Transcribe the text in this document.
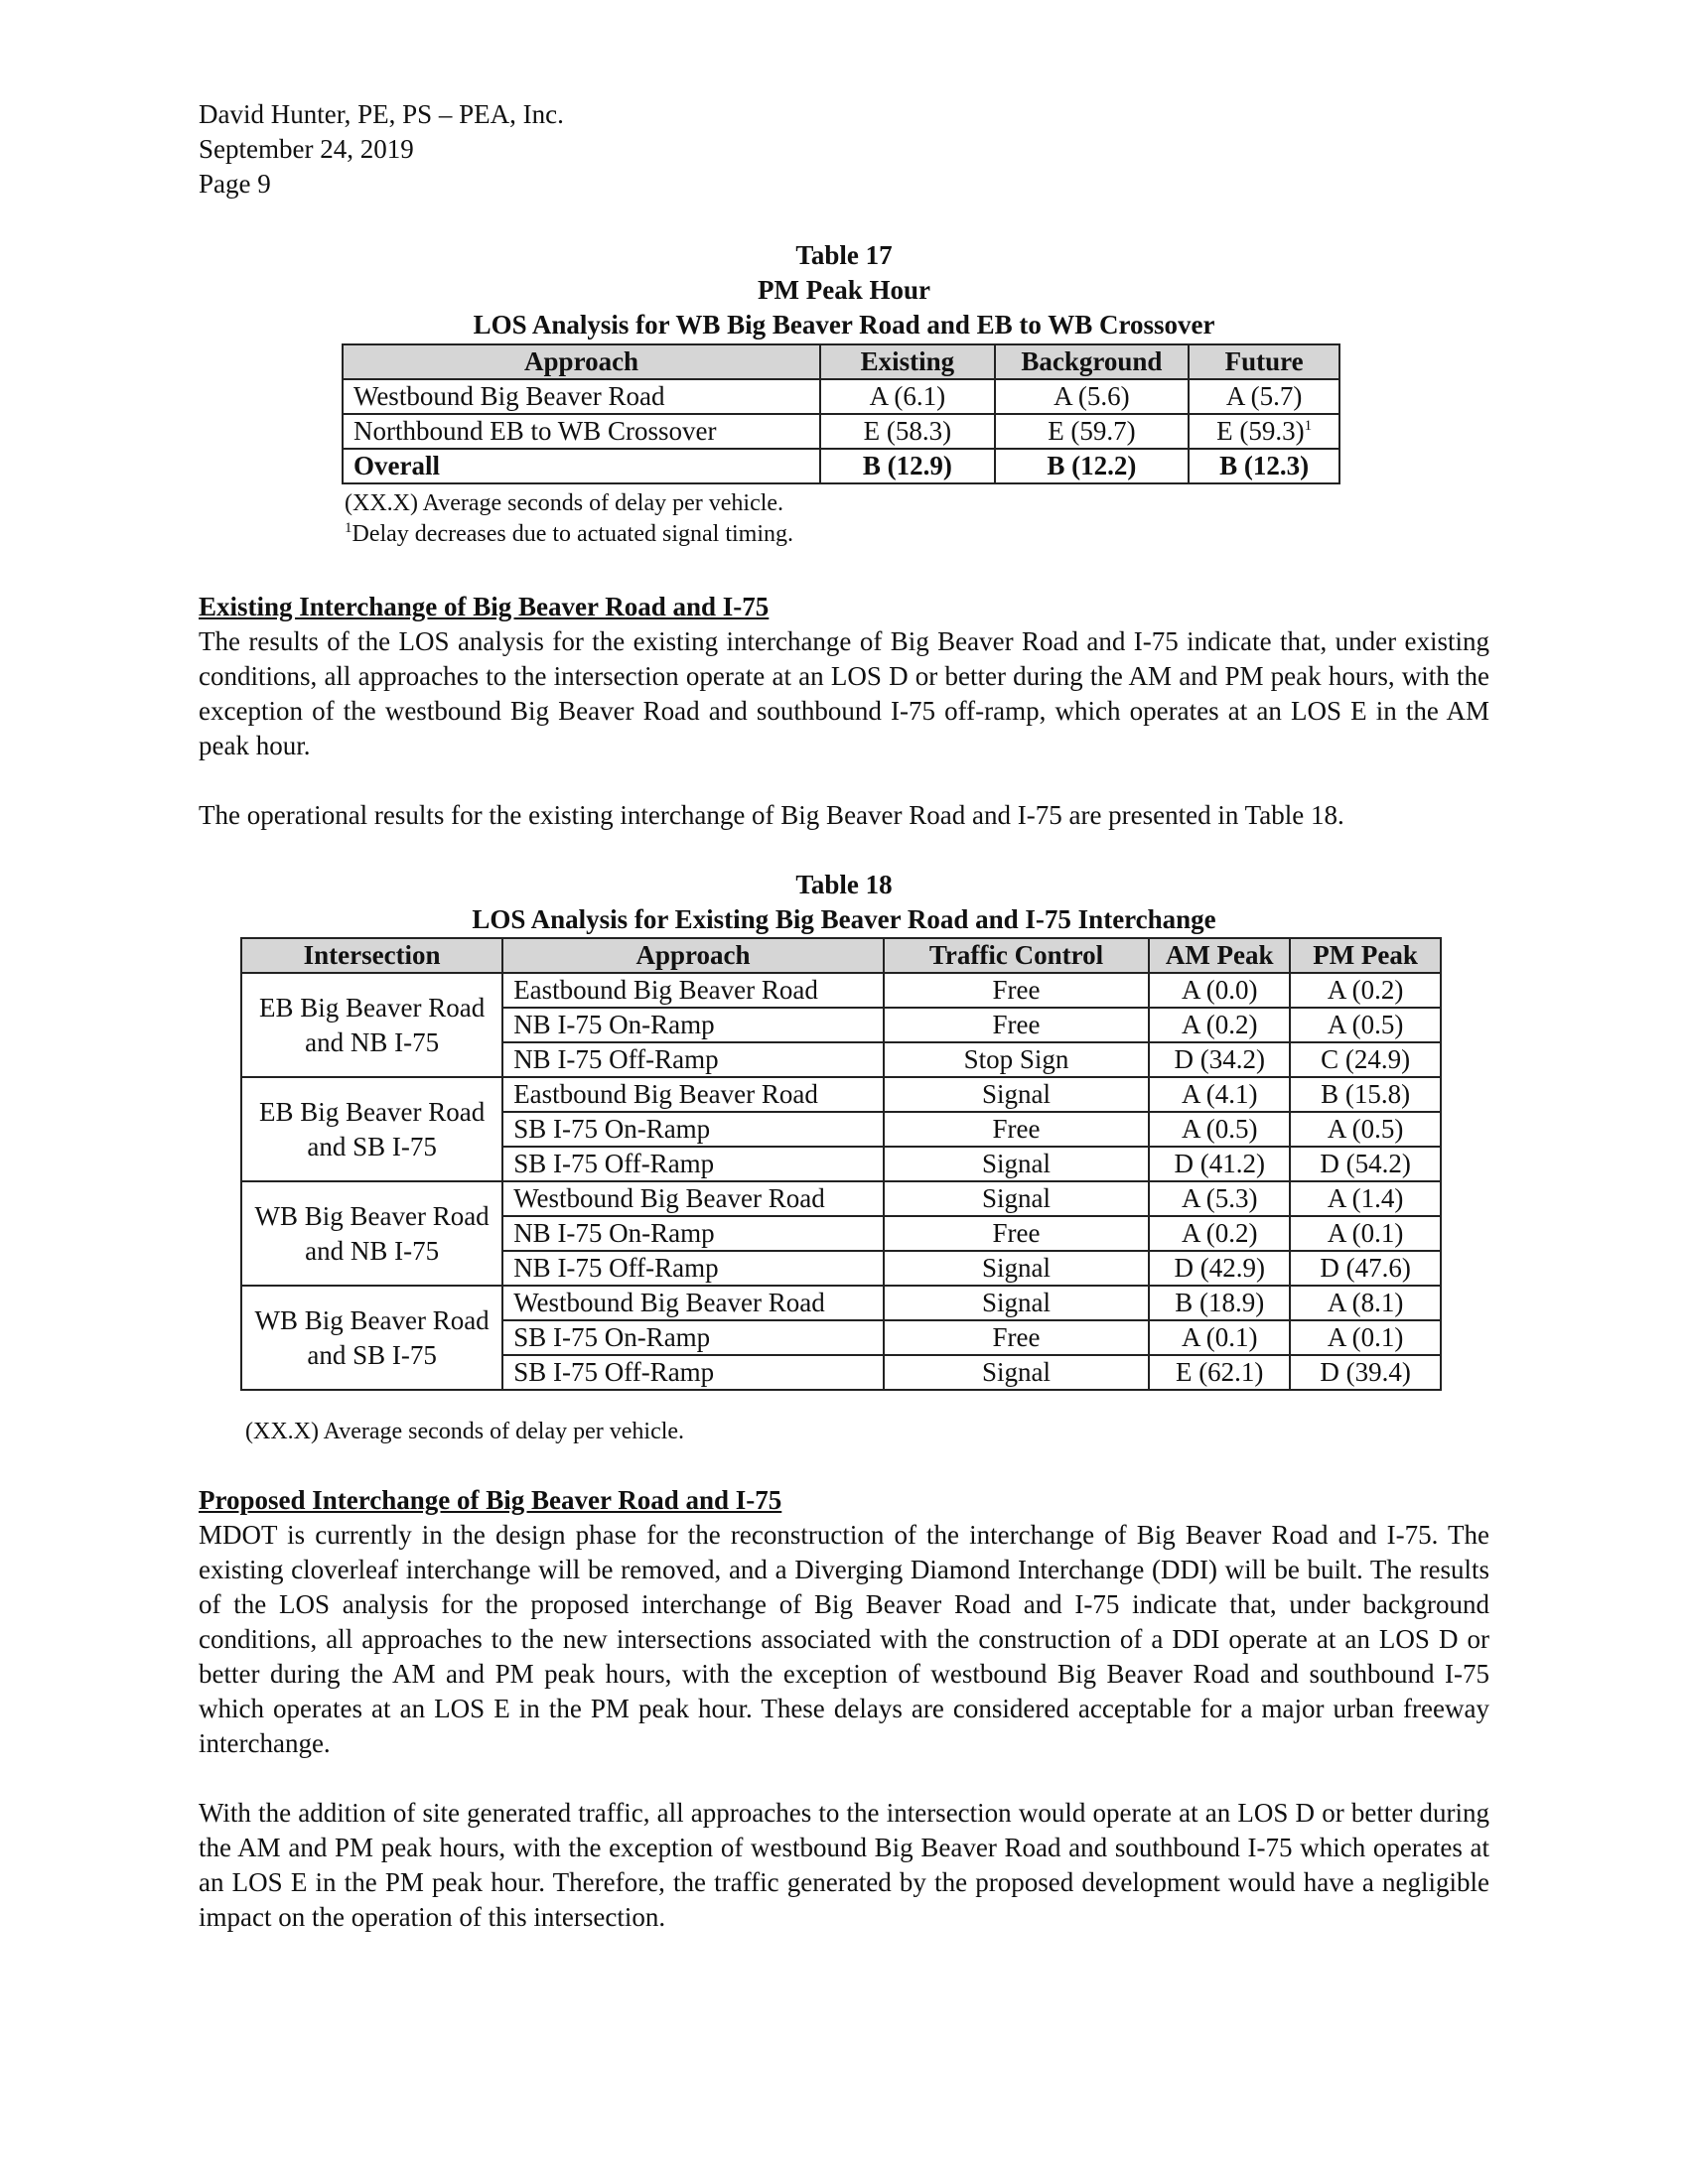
David Hunter, PE, PS – PEA, Inc.
September 24, 2019
Page 9
Table 17
PM Peak Hour
LOS Analysis for WB Big Beaver Road and EB to WB Crossover
Approach	Existing	Background	Future
Westbound Big Beaver Road	A (6.1)	A (5.6)	A (5.7)
Northbound EB to WB Crossover	E (58.3)	E (59.7)	E $(59.3)^1$
Overall	B (12.9)	B (12.2)	B (12.3)
(XX.X) Average seconds of delay per vehicle.
$^1$Delay decreases due to actuated signal timing.
Existing Interchange of Big Beaver Road and I-75
The results of the LOS analysis for the existing interchange of Big Beaver Road and I-75 indicate that, under existing conditions, all approaches to the intersection operate at an LOS D or better during the AM and PM peak hours, with the exception of the westbound Big Beaver Road and southbound I-75 off-ramp, which operates at an LOS E in the AM peak hour.
The operational results for the existing interchange of Big Beaver Road and I-75 are presented in Table 18.
Table 18
LOS Analysis for Existing Big Beaver Road and I-75 Interchange
Intersection	Approach	Traffic Control	AM Peak	PM Peak
EB Big Beaver Road and NB I-75	Eastbound Big Beaver Road	Free	A (0.0)	A (0.2)
	NB I-75 On-Ramp	Free	A (0.2)	A (0.5)
	NB I-75 Off-Ramp	Stop Sign	D (34.2)	C (24.9)
EB Big Beaver Road and SB I-75	Eastbound Big Beaver Road	Signal	A (4.1)	B (15.8)
	SB I-75 On-Ramp	Free	A (0.5)	A (0.5)
	SB I-75 Off-Ramp	Signal	D (41.2)	D (54.2)
WB Big Beaver Road and NB I-75	Westbound Big Beaver Road	Signal	A (5.3)	A (1.4)
	NB I-75 On-Ramp	Free	A (0.2)	A (0.1)
	NB I-75 Off-Ramp	Signal	D (42.9)	D (47.6)
WB Big Beaver Road and SB I-75	Westbound Big Beaver Road	Signal	B (18.9)	A (8.1)
	SB I-75 On-Ramp	Free	A (0.1)	A (0.1)
	SB I-75 Off-Ramp	Signal	E (62.1)	D (39.4)
(XX.X) Average seconds of delay per vehicle.
Proposed Interchange of Big Beaver Road and I-75
MDOT is currently in the design phase for the reconstruction of the interchange of Big Beaver Road and I-75. The existing cloverleaf interchange will be removed, and a Diverging Diamond Interchange (DDI) will be built. The results of the LOS analysis for the proposed interchange of Big Beaver Road and I-75 indicate that, under background conditions, all approaches to the new intersections associated with the construction of a DDI operate at an LOS D or better during the AM and PM peak hours, with the exception of westbound Big Beaver Road and southbound I-75 which operates at an LOS E in the PM peak hour. These delays are considered acceptable for a major urban freeway interchange.
With the addition of site generated traffic, all approaches to the intersection would operate at an LOS D or better during the AM and PM peak hours, with the exception of westbound Big Beaver Road and southbound I-75 which operates at an LOS E in the PM peak hour. Therefore, the traffic generated by the proposed development would have a negligible impact on the operation of this intersection.
